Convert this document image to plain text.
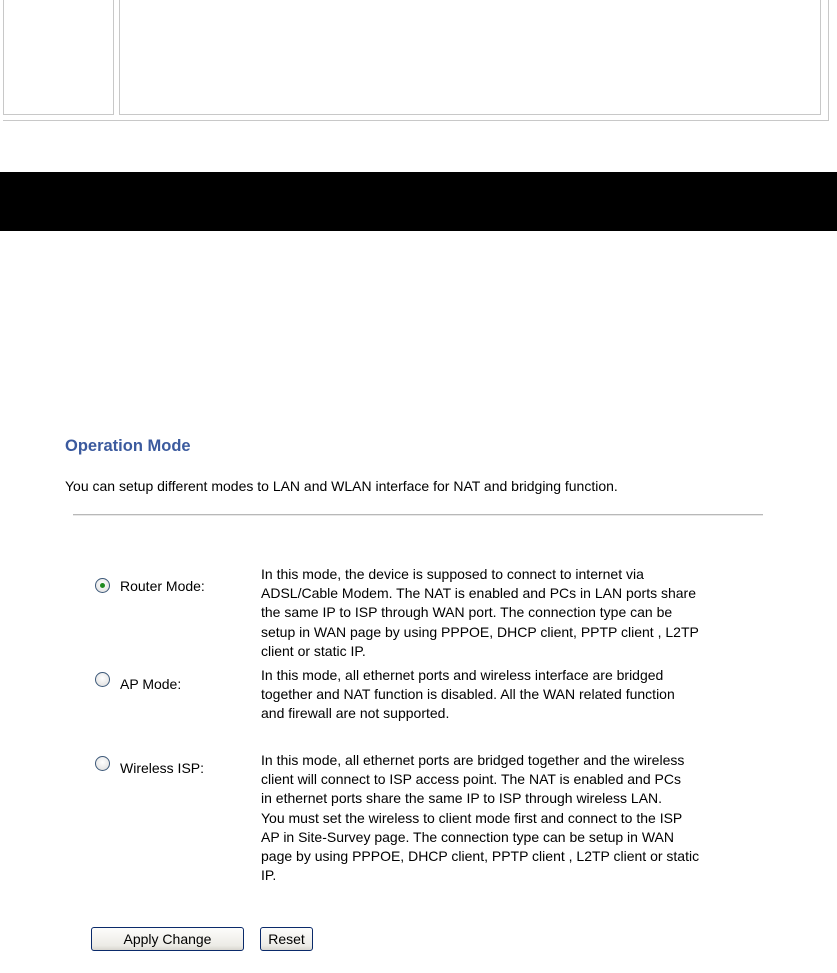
Operation Mode
You can setup different modes to LAN and WLAN interface for NAT and bridging function.
Router Mode:
In this mode, the device is supposed to connect to internet via
ADSL/Cable Modem. The NAT is enabled and PCs in LAN ports share
the same IP to ISP through WAN port. The connection type can be
setup in WAN page by using PPPOE, DHCP client, PPTP client , L2TP
client or static IP.
AP Mode:
In this mode, all ethernet ports and wireless interface are bridged
together and NAT function is disabled. All the WAN related function
and firewall are not supported.
Wireless ISP:	In this mode, all ethernet ports are bridged together and the wireless
client will connect to ISP access point. The NAT is enabled and PCs
in ethernet ports share the same IP to ISP through wireless LAN.
You must set the wireless to client mode first and connect to the ISP
AP in Site-Survey page. The connection type can be setup in WAN
page by using PPPOE, DHCP client, PPTP client , L2TP client or static
IP.
Apply Change	Reset
